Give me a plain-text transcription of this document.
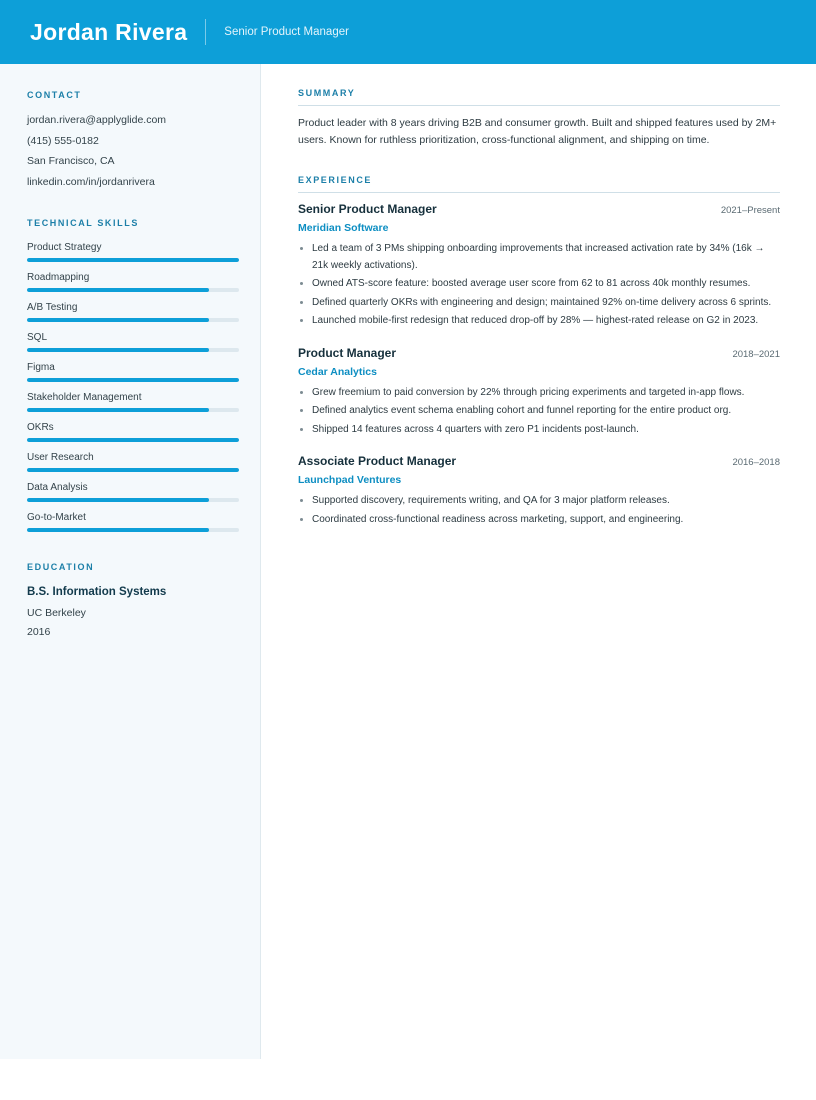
Jordan Rivera	Senior Product Manager
CONTACT
jordan.rivera@applyglide.com
(415) 555-0182
San Francisco, CA
linkedin.com/in/jordanrivera
TECHNICAL SKILLS
Product Strategy
Roadmapping
A/B Testing
SQL
Figma
Stakeholder Management
OKRs
User Research
Data Analysis
Go-to-Market
EDUCATION
B.S. Information Systems
UC Berkeley
2016
SUMMARY

Product leader with 8 years driving B2B and consumer growth. Built and shipped features used by 2M+ users. Known for ruthless prioritization, cross-functional alignment, and shipping on time.

EXPERIENCE
Senior Product Manager	2021–Present
Meridian Software
Led a team of 3 PMs shipping onboarding improvements that increased activation rate by 34% (16k → 21k weekly activations).
Owned ATS-score feature: boosted average user score from 62 to 81 across 40k monthly resumes.
Defined quarterly OKRs with engineering and design; maintained 92% on-time delivery across 6 sprints.
Launched mobile-first redesign that reduced drop-off by 28% — highest-rated release on G2 in 2023.
Product Manager	2018–2021
Cedar Analytics
Grew freemium to paid conversion by 22% through pricing experiments and targeted in-app flows.
Defined analytics event schema enabling cohort and funnel reporting for the entire product org.
Shipped 14 features across 4 quarters with zero P1 incidents post-launch.
Associate Product Manager	2016–2018
Launchpad Ventures
Supported discovery, requirements writing, and QA for 3 major platform releases.
Coordinated cross-functional readiness across marketing, support, and engineering.
